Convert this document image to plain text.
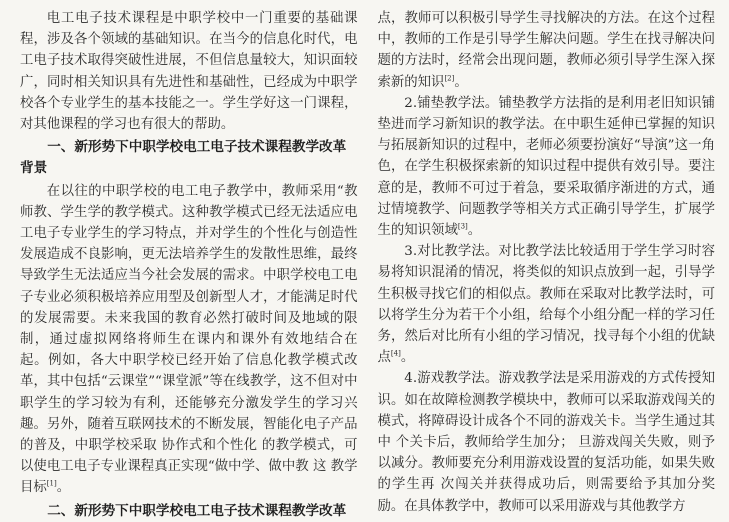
电工电子技术课程是中职学校中一门重要的基础课程，涉及各个领域的基础知识。在当今的信息化时代，电工电子技术取得突破性进展，不但信息量较大，知识面较广，同时相关知识具有先进性和基础性，已经成为中职学校各个专业学生的基本技能之一。学生学好这一门课程，对其他课程的学习也有很大的帮助。

一、新形势下中职学校电工电子技术课程教学改革背景

在以往的中职学校的电工电子教学中，教师采用“教师教、学生学的教学模式。这种教学模式已经无法适应电工电子专业学生的学习特点，并对学生的个性化与创造性发展造成不良影响，更无法培养学生的发散性思维，最终导致学生无法适应当今社会发展的需求。中职学校电工电子专业必须积极培养应用型及创新型人才，才能满足时代的发展需要。未来我国的教育必然打破时间及地域的限制，通过虚拟网络将师生在课内和课外有效地结合在 起。例如，各大中职学校已经开始了信息化教学模式改革，其中包括“云课堂”“课堂派”等在线教学，这不但对中职学生的学习较为有利，还能够充分激发学生的学习兴趣。另外，随着互联网技术的不断发展，智能化电子产品的普及，中职学校采取 协作式和个性化 的教学模式，可以使电工电子专业课程真正实现“做中学、做中教 这 教学目标[1]。

二、新形势下中职学校电工电子技术课程教学改革

点，教师可以积极引导学生寻找解决的方法。在这个过程中，教师的工作是引导学生解决问题。学生在找寻解决问题的方法时，经常会出现问题，教师必须引导学生深入探索新的知识[2]。

2.铺垫教学法。铺垫教学方法指的是利用老旧知识铺垫进而学习新知识的教学法。在中职生延伸已掌握的知识与拓展新知识的过程中，老师必须要扮演好“导演”这一角色，在学生积极探索新的知识过程中提供有效引导。要注意的是，教师不可过于着急，要采取循序渐进的方式，通过情境教学、问题教学等相关方式正确引导学生，扩展学生的知识领域[3]。

3.对比教学法。对比教学法比较适用于学生学习时容易将知识混淆的情况，将类似的知识点放到一起，引导学生积极寻找它们的相似点。教师在采取对比教学法时，可以将学生分为若干个小组，给每个小组分配一样的学习任务，然后对比所有小组的学习情况，找寻每个小组的优缺点[4]。

4.游戏教学法。游戏教学法是采用游戏的方式传授知识。如在故障检测教学模块中，教师可以采取游戏闯关的模式，将障碍设计成各个不同的游戏关卡。当学生通过其中 个关卡后，教师给学生加分； 旦游戏闯关失败，则予以减分。教师要充分利用游戏设置的复活功能，如果失败的学生再 次闯关并获得成功后，则需要给予其加分奖励。在具体教学中，教师可以采用游戏与其他教学方
